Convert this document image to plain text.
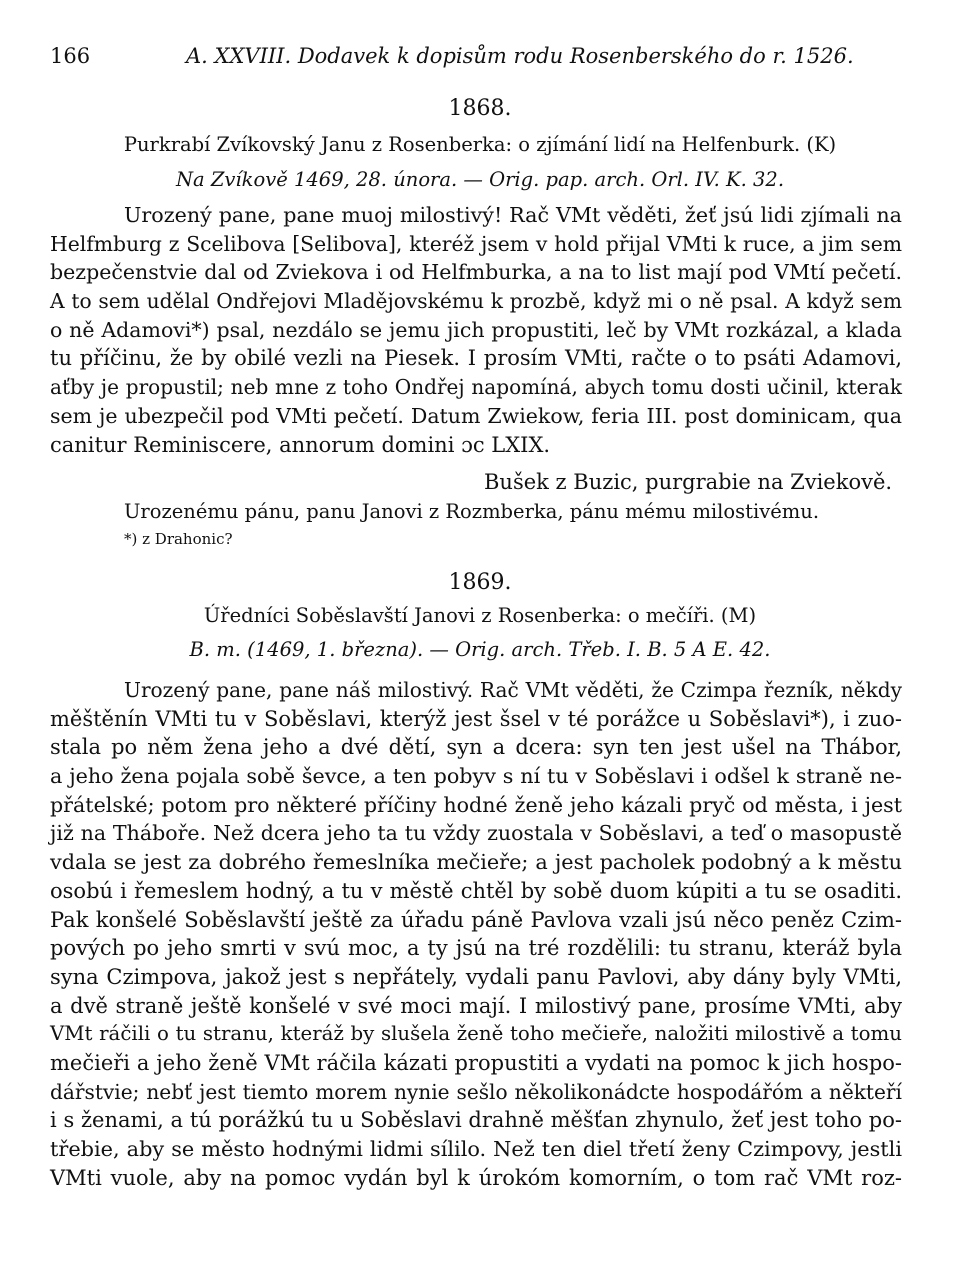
166	A. XXVIII. Dodavek k dopisům rodu Rosenberského do r. 1526.
1868.
Purkrabí Zvíkovský Janu z Rosenberka: o zjímání lidí na Helfenburk. (K)
Na Zvíkově 1469, 28. února. — Orig. pap. arch. Orl. IV. K. 32.
Urozený pane, pane muoj milostivý! Rač VMt věděti, žeť jsú lidi zjímali na
Helfmburg z Scelibova [Selibova], kteréž jsem v hold přijal VMti k ruce, a jim sem
bezpečenstvie dal od Zviekova i od Helfmburka, a na to list mají pod VMtí pečetí.
A to sem udělal Ondřejovi Mladějovskému k prozbě, když mi o ně psal. A když sem
o ně Adamovi*) psal, nezdálo se jemu jich propustiti, leč by VMt rozkázal, a klada
tu příčinu, že by obilé vezli na Piesek. I prosím VMti, račte o to psáti Adamovi,
aťby je propustil; neb mne z toho Ondřej napomíná, abych tomu dosti učinil, kterak
sem je ubezpečil pod VMti pečetí. Datum Zwiekow, feria III. post dominicam, qua
canitur Reminiscere, annorum domini ɔc LXIX.
Bušek z Buzic, purgrabie na Zviekově.
Urozenému pánu, panu Janovi z Rozmberka, pánu mému milostivému.
*) z Drahonic?
1869.
Úředníci Soběslavští Janovi z Rosenberka: o mečíři. (M)
B. m. (1469, 1. března). — Orig. arch. Třeb. I. B. 5 A E. 42.
Urozený pane, pane náš milostivý. Rač VMt věděti, že Czimpa řezník, někdy
měštěnín VMti tu v Soběslavi, kterýž jest šsel v té porážce u Soběslavi*), i zuo-
stala po něm žena jeho a dvé dětí, syn a dcera: syn ten jest ušel na Thábor,
a jeho žena pojala sobě ševce, a ten pobyv s ní tu v Soběslavi i odšel k straně ne-
přátelské; potom pro některé příčiny hodné ženě jeho kázali pryč od města, i jest
již na Tháboře. Než dcera jeho ta tu vždy zuostala v Soběslavi, a teď o masopustě
vdala se jest za dobrého řemeslníka mečieře; a jest pacholek podobný a k městu
osobú i řemeslem hodný, a tu v městě chtěl by sobě duom kúpiti a tu se osaditi.
Pak konšelé Soběslavští ještě za úřadu páně Pavlova vzali jsú něco peněz Czim-
pových po jeho smrti v svú moc, a ty jsú na tré rozdělili: tu stranu, kteráž byla
syna Czimpova, jakož jest s nepřátely, vydali panu Pavlovi, aby dány byly VMti,
a dvě straně ještě konšelé v své moci mají. I milostivý pane, prosíme VMti, aby
VMt ráčili o tu stranu, kteráž by slušela ženě toho mečieře, naložiti milostivě a tomu
mečieři a jeho ženě VMt ráčila kázati propustiti a vydati na pomoc k jich hospo-
dářstvie; nebť jest tiemto morem nynie sešlo několikonádcte hospodářóm a někteří
i s ženami, a tú porážkú tu u Soběslavi drahně měšťan zhynulo, žeť jest toho po-
třebie, aby se město hodnými lidmi sílilo. Než ten diel třetí ženy Czimpovy, jestli
VMti vuole, aby na pomoc vydán byl k úrokóm komorním, o tom rač VMt roz-
